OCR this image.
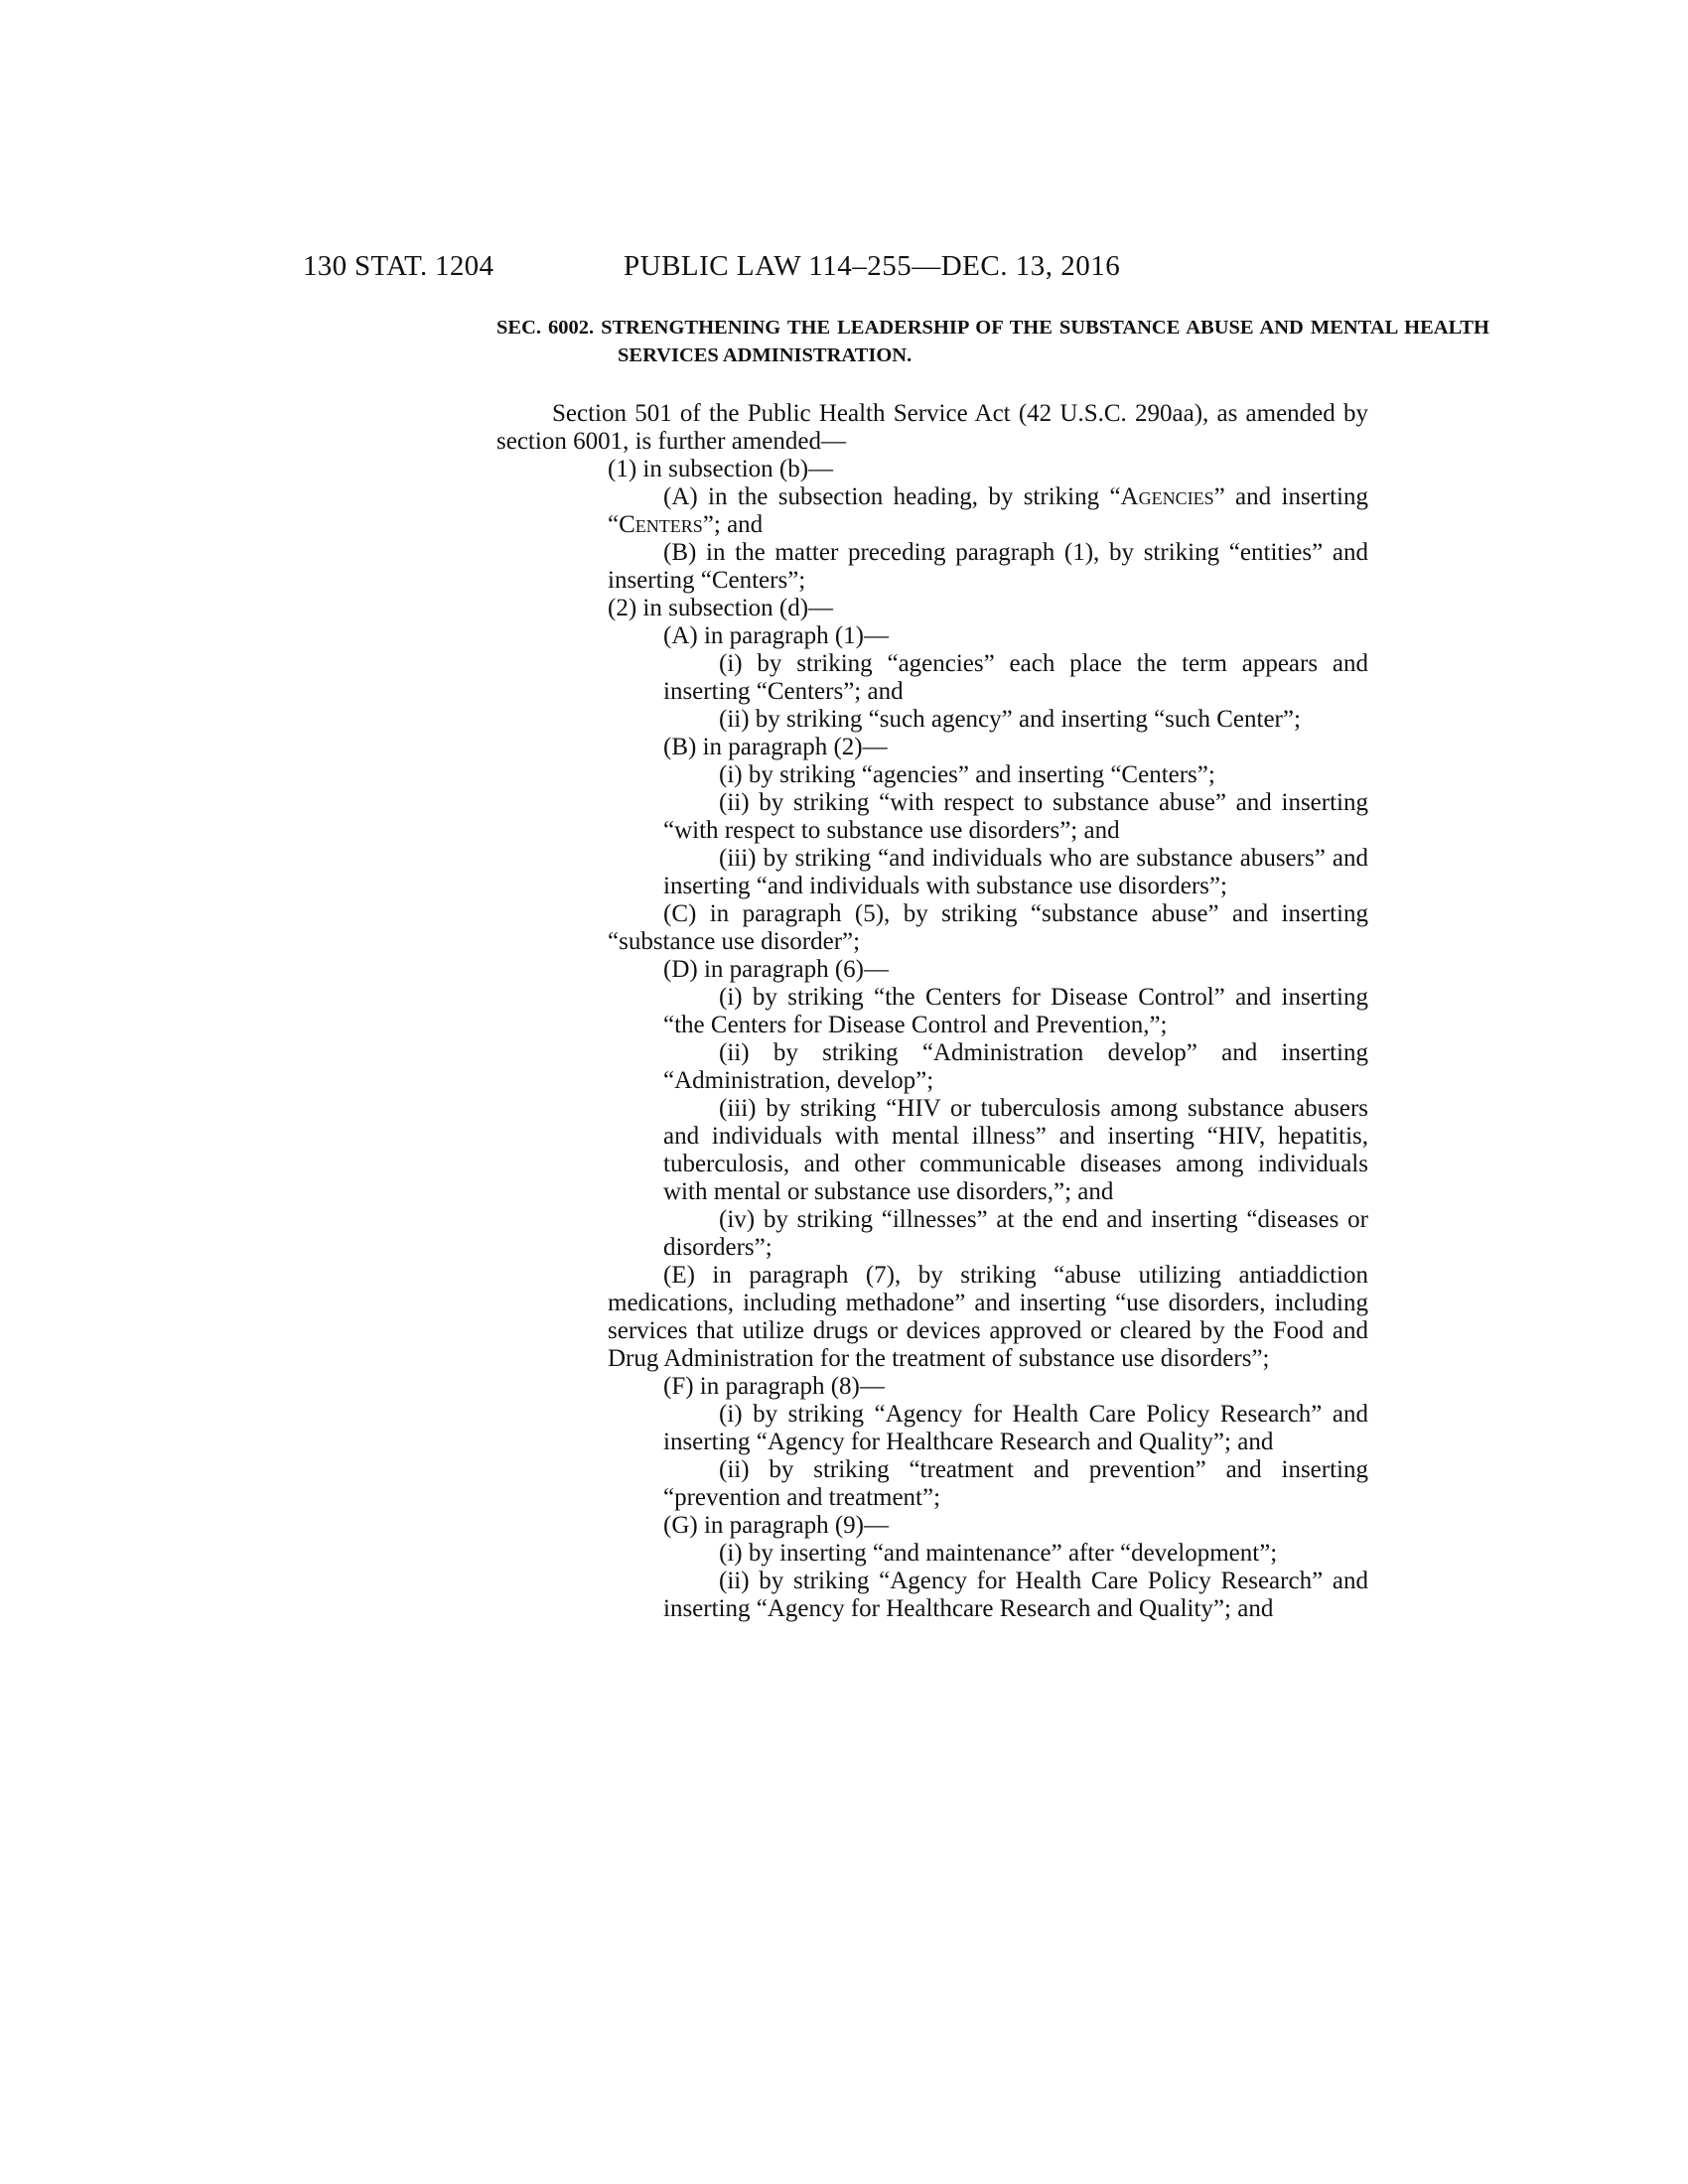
130 STAT. 1204	PUBLIC LAW 114–255—DEC. 13, 2016
SEC. 6002. STRENGTHENING THE LEADERSHIP OF THE SUBSTANCE ABUSE AND MENTAL HEALTH SERVICES ADMINISTRATION.

Section 501 of the Public Health Service Act (42 U.S.C. 290aa), as amended by section 6001, is further amended—

(1) in subsection (b)—

(A) in the subsection heading, by striking “Agencies” and inserting “Centers”; and

(B) in the matter preceding paragraph (1), by striking “entities” and inserting “Centers”;

(2) in subsection (d)—

(A) in paragraph (1)—

(i) by striking “agencies” each place the term appears and inserting “Centers”; and

(ii) by striking “such agency” and inserting “such Center”;

(B) in paragraph (2)—

(i) by striking “agencies” and inserting “Centers”;

(ii) by striking “with respect to substance abuse” and inserting “with respect to substance use disorders”; and

(iii) by striking “and individuals who are substance abusers” and inserting “and individuals with substance use disorders”;

(C) in paragraph (5), by striking “substance abuse” and inserting “substance use disorder”;

(D) in paragraph (6)—

(i) by striking “the Centers for Disease Control” and inserting “the Centers for Disease Control and Prevention,”;

(ii) by striking “Administration develop” and inserting “Administration, develop”;

(iii) by striking “HIV or tuberculosis among substance abusers and individuals with mental illness” and inserting “HIV, hepatitis, tuberculosis, and other communicable diseases among individuals with mental or substance use disorders,”; and

(iv) by striking “illnesses” at the end and inserting “diseases or disorders”;

(E) in paragraph (7), by striking “abuse utilizing antiaddiction medications, including methadone” and inserting “use disorders, including services that utilize drugs or devices approved or cleared by the Food and Drug Administration for the treatment of substance use disorders”;

(F) in paragraph (8)—

(i) by striking “Agency for Health Care Policy Research” and inserting “Agency for Healthcare Research and Quality”; and

(ii) by striking “treatment and prevention” and inserting “prevention and treatment”;

(G) in paragraph (9)—

(i) by inserting “and maintenance” after “development”;

(ii) by striking “Agency for Health Care Policy Research” and inserting “Agency for Healthcare Research and Quality”; and
